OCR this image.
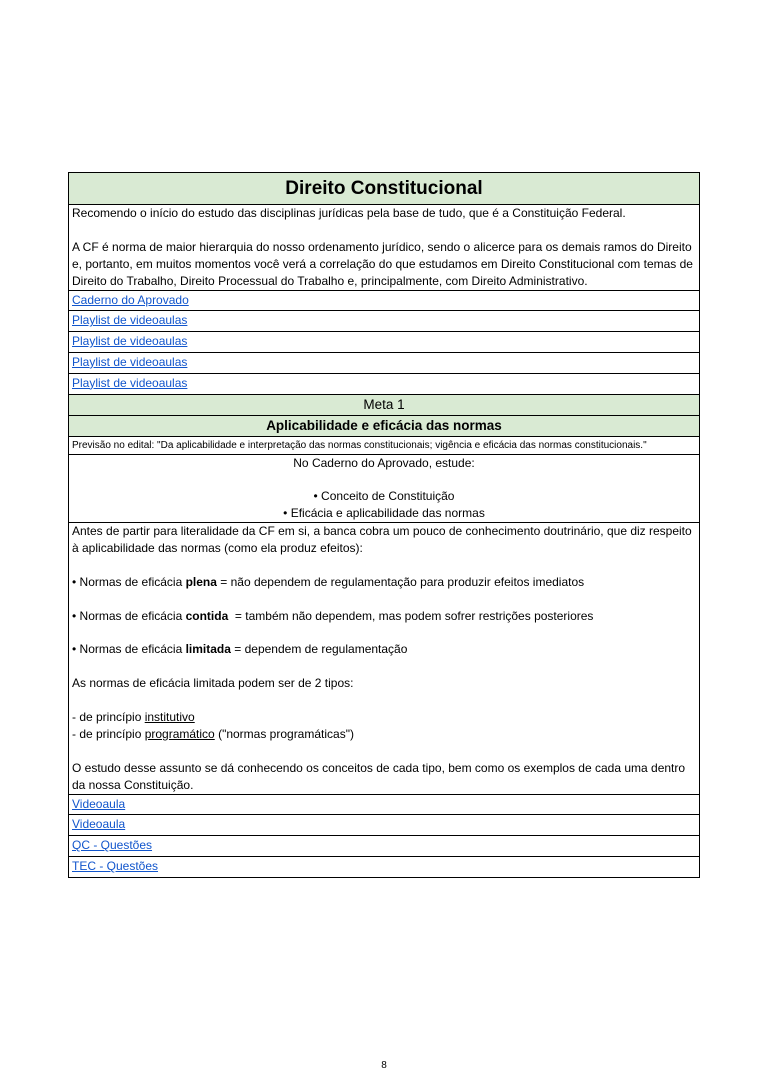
Direito Constitucional

Recomendo o início do estudo das disciplinas jurídicas pela base de tudo, que é a Constituição Federal.
A CF é norma de maior hierarquia do nosso ordenamento jurídico, sendo o alicerce para os demais ramos do Direito e, portanto, em muitos momentos você verá a correlação do que estudamos em Direito Constitucional com temas de Direito do Trabalho, Direito Processual do Trabalho e, principalmente, com Direito Administrativo.

Caderno do Aprovado
Playlist de videoaulas
Playlist de videoaulas
Playlist de videoaulas
Playlist de videoaulas
Meta 1
Aplicabilidade e eficácia das normas
Previsão no edital: "Da aplicabilidade e interpretação das normas constitucionais; vigência e eficácia das normas constitucionais."

No Caderno do Aprovado, estude:
• Conceito de Constituição
• Eficácia e aplicabilidade das normas

Antes de partir para literalidade da CF em si, a banca cobra um pouco de conhecimento doutrinário, que diz respeito à aplicabilidade das normas (como ela produz efeitos):
• Normas de eficácia plena = não dependem de regulamentação para produzir efeitos imediatos
• Normas de eficácia contida  = também não dependem, mas podem sofrer restrições posteriores
• Normas de eficácia limitada = dependem de regulamentação
As normas de eficácia limitada podem ser de 2 tipos:
- de princípio institutivo
- de princípio programático ("normas programáticas")
O estudo desse assunto se dá conhecendo os conceitos de cada tipo, bem como os exemplos de cada uma dentro da nossa Constituição.

Videoaula
Videoaula
QC - Questões
TEC - Questões
8
